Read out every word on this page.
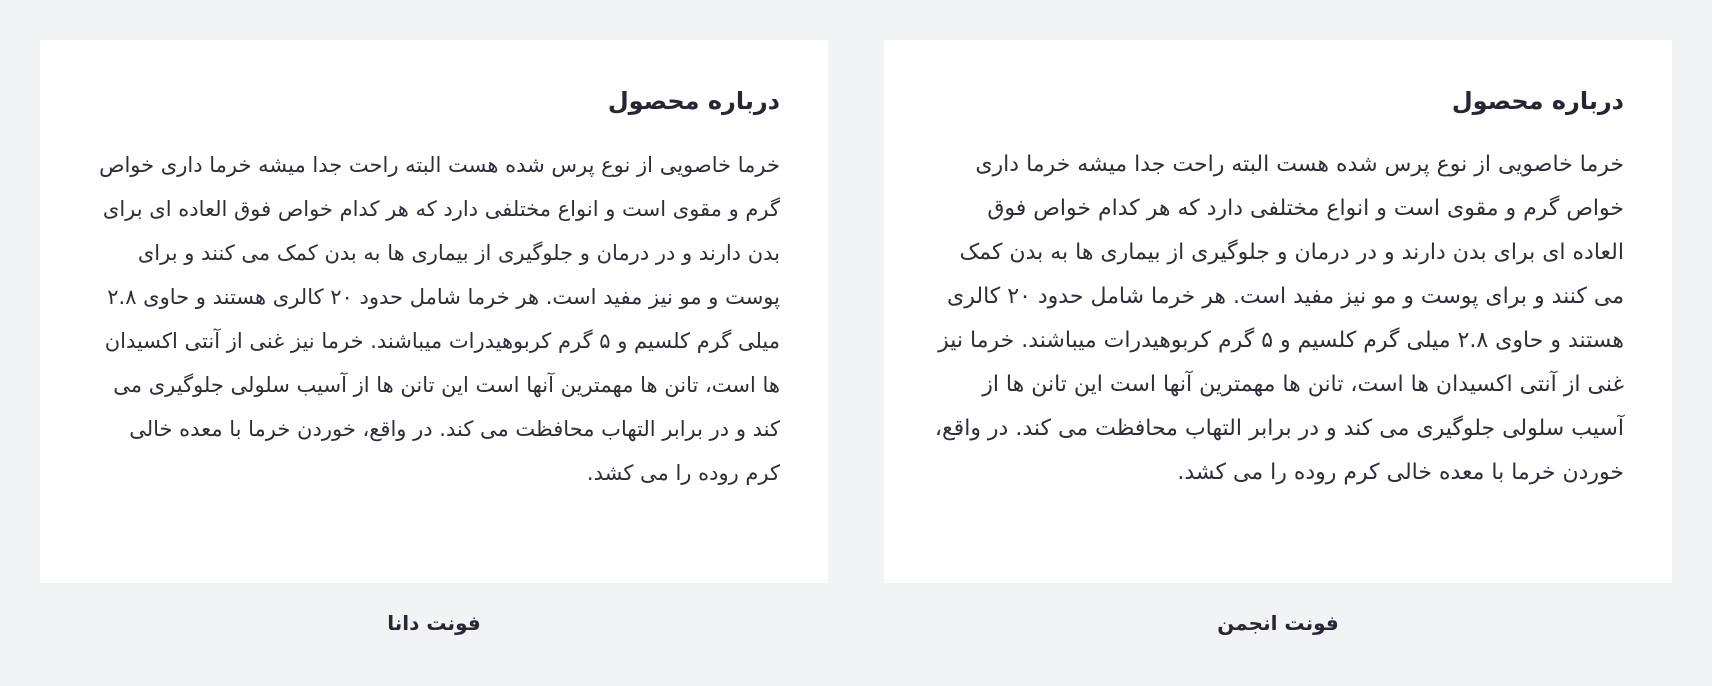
درباره محصول

خرما خاصویی از نوع پرس شده هست البته راحت جدا میشه خرما داری خواص گرم و مقوی است و انواع مختلفی دارد که هر کدام خواص فوق العاده ای برای بدن دارند و در درمان و جلوگیری از بیماری ها به بدن کمک می کنند و برای پوست و مو نیز مفید است. هر خرما شامل حدود ۲۰ کالری هستند و حاوی ۲.۸ میلی گرم کلسیم و ۵ گرم کربوهیدرات میباشند. خرما نیز غنی از آنتی اکسیدان ها است، تانن ها مهمترین آنها است این تانن ها از آسیب سلولی جلوگیری می کند و در برابر التهاب محافظت می کند. در واقع، خوردن خرما با معده خالی کرم روده را می کشد.

درباره محصول

خرما خاصویی از نوع پرس شده هست البته راحت جدا میشه خرما داری خواص گرم و مقوی است و انواع مختلفی دارد که هر کدام خواص فوق العاده ای برای بدن دارند و در درمان و جلوگیری از بیماری ها به بدن کمک می کنند و برای پوست و مو نیز مفید است. هر خرما شامل حدود ۲۰ کالری هستند و حاوی ۲.۸ میلی گرم کلسیم و ۵ گرم کربوهیدرات میباشند. خرما نیز غنی از آنتی اکسیدان ها است، تانن ها مهمترین آنها است این تانن ها از آسیب سلولی جلوگیری می کند و در برابر التهاب محافظت می کند. در واقع، خوردن خرما با معده خالی کرم روده را می کشد.

فونت دانا	فونت انجمن
